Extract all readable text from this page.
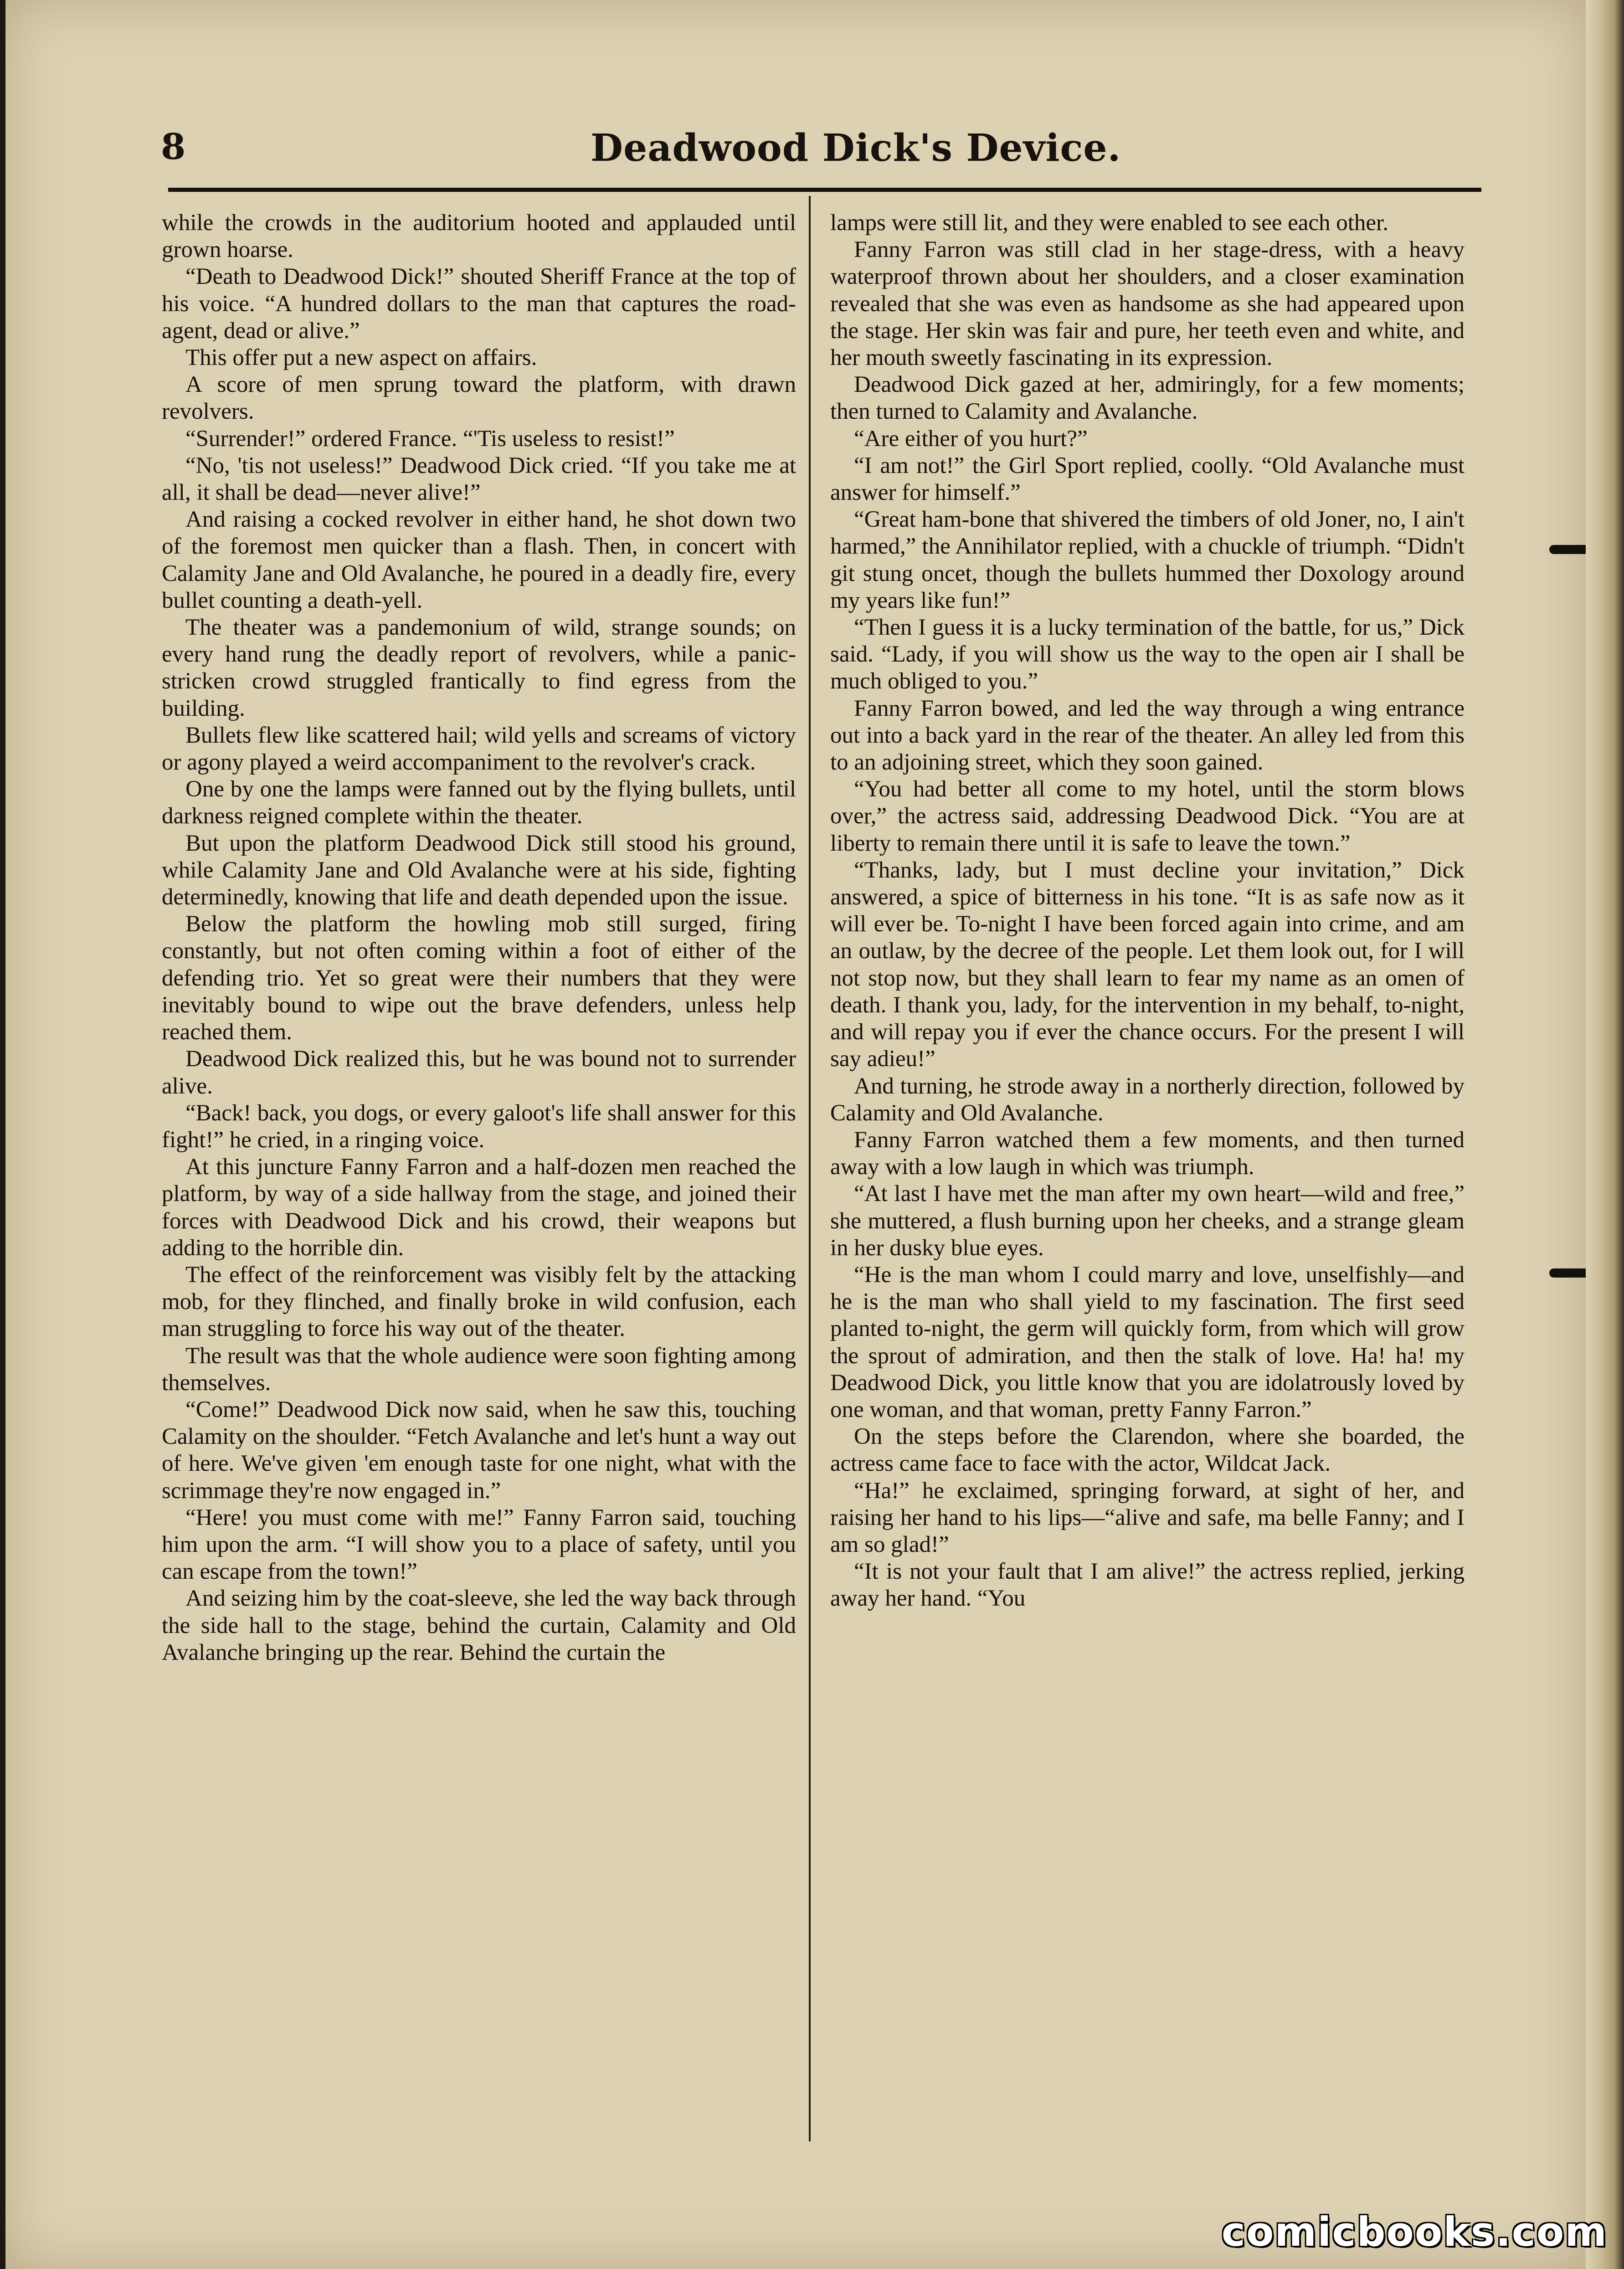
8	Deadwood Dick's Device.

while the crowds in the auditorium hooted and applauded until grown hoarse.

“Death to Deadwood Dick!” shouted Sheriff France at the top of his voice. “A hundred dollars to the man that captures the road-agent, dead or alive.”

This offer put a new aspect on affairs.

A score of men sprung toward the platform, with drawn revolvers.

“Surrender!” ordered France. “'Tis useless to resist!”

“No, 'tis not useless!” Deadwood Dick cried. “If you take me at all, it shall be dead—never alive!”

And raising a cocked revolver in either hand, he shot down two of the foremost men quicker than a flash. Then, in concert with Calamity Jane and Old Avalanche, he poured in a deadly fire, every bullet counting a death-yell.

The theater was a pandemonium of wild, strange sounds; on every hand rung the deadly report of revolvers, while a panic-stricken crowd struggled frantically to find egress from the building.

Bullets flew like scattered hail; wild yells and screams of victory or agony played a weird accompaniment to the revolver's crack.

One by one the lamps were fanned out by the flying bullets, until darkness reigned complete within the theater.

But upon the platform Deadwood Dick still stood his ground, while Calamity Jane and Old Avalanche were at his side, fighting determinedly, knowing that life and death depended upon the issue.

Below the platform the howling mob still surged, firing constantly, but not often coming within a foot of either of the defending trio. Yet so great were their numbers that they were inevitably bound to wipe out the brave defenders, unless help reached them.

Deadwood Dick realized this, but he was bound not to surrender alive.

“Back! back, you dogs, or every galoot's life shall answer for this fight!” he cried, in a ringing voice.

At this juncture Fanny Farron and a half-dozen men reached the platform, by way of a side hallway from the stage, and joined their forces with Deadwood Dick and his crowd, their weapons but adding to the horrible din.

The effect of the reinforcement was visibly felt by the attacking mob, for they flinched, and finally broke in wild confusion, each man struggling to force his way out of the theater.

The result was that the whole audience were soon fighting among themselves.

“Come!” Deadwood Dick now said, when he saw this, touching Calamity on the shoulder. “Fetch Avalanche and let's hunt a way out of here. We've given 'em enough taste for one night, what with the scrimmage they're now engaged in.”

“Here! you must come with me!” Fanny Farron said, touching him upon the arm. “I will show you to a place of safety, until you can escape from the town!”

And seizing him by the coat-sleeve, she led the way back through the side hall to the stage, behind the curtain, Calamity and Old Avalanche bringing up the rear. Behind the curtain the

lamps were still lit, and they were enabled to see each other.

Fanny Farron was still clad in her stage-dress, with a heavy waterproof thrown about her shoulders, and a closer examination revealed that she was even as handsome as she had appeared upon the stage. Her skin was fair and pure, her teeth even and white, and her mouth sweetly fascinating in its expression.

Deadwood Dick gazed at her, admiringly, for a few moments; then turned to Calamity and Avalanche.

“Are either of you hurt?”

“I am not!” the Girl Sport replied, coolly. “Old Avalanche must answer for himself.”

“Great ham-bone that shivered the timbers of old Joner, no, I ain't harmed,” the Annihilator replied, with a chuckle of triumph. “Didn't git stung oncet, though the bullets hummed ther Doxology around my years like fun!”

“Then I guess it is a lucky termination of the battle, for us,” Dick said. “Lady, if you will show us the way to the open air I shall be much obliged to you.”

Fanny Farron bowed, and led the way through a wing entrance out into a back yard in the rear of the theater. An alley led from this to an adjoining street, which they soon gained.

“You had better all come to my hotel, until the storm blows over,” the actress said, addressing Deadwood Dick. “You are at liberty to remain there until it is safe to leave the town.”

“Thanks, lady, but I must decline your invitation,” Dick answered, a spice of bitterness in his tone. “It is as safe now as it will ever be. To-night I have been forced again into crime, and am an outlaw, by the decree of the people. Let them look out, for I will not stop now, but they shall learn to fear my name as an omen of death. I thank you, lady, for the intervention in my behalf, to-night, and will repay you if ever the chance occurs. For the present I will say adieu!”

And turning, he strode away in a northerly direction, followed by Calamity and Old Avalanche.

Fanny Farron watched them a few moments, and then turned away with a low laugh in which was triumph.

“At last I have met the man after my own heart—wild and free,” she muttered, a flush burning upon her cheeks, and a strange gleam in her dusky blue eyes.

“He is the man whom I could marry and love, unselfishly—and he is the man who shall yield to my fascination. The first seed planted to-night, the germ will quickly form, from which will grow the sprout of admiration, and then the stalk of love. Ha! ha! my Deadwood Dick, you little know that you are idolatrously loved by one woman, and that woman, pretty Fanny Farron.”

On the steps before the Clarendon, where she boarded, the actress came face to face with the actor, Wildcat Jack.

“Ha!” he exclaimed, springing forward, at sight of her, and raising her hand to his lips—“alive and safe, ma belle Fanny; and I am so glad!”

“It is not your fault that I am alive!” the actress replied, jerking away her hand. “You

comicbooks.com
